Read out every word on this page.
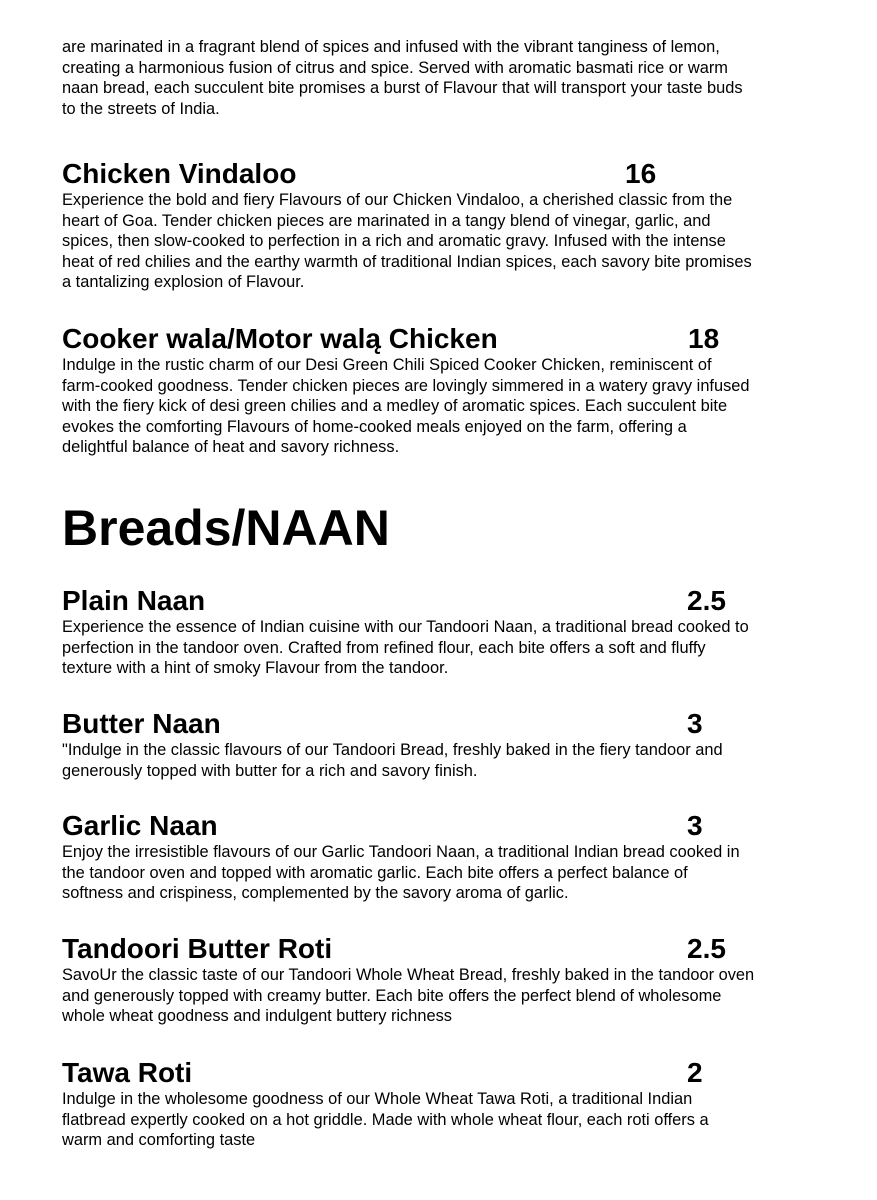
are marinated in a fragrant blend of spices and infused with the vibrant tanginess of lemon,
creating a harmonious fusion of citrus and spice. Served with aromatic basmati rice or warm
naan bread, each succulent bite promises a burst of Flavour that will transport your taste buds
to the streets of India.

Chicken Vindaloo	16

Experience the bold and fiery Flavours of our Chicken Vindaloo, a cherished classic from the
heart of Goa. Tender chicken pieces are marinated in a tangy blend of vinegar, garlic, and
spices, then slow-cooked to perfection in a rich and aromatic gravy. Infused with the intense
heat of red chilies and the earthy warmth of traditional Indian spices, each savory bite promises
a tantalizing explosion of Flavour.

Cooker wala/Motor walą Chicken	18

Indulge in the rustic charm of our Desi Green Chili Spiced Cooker Chicken, reminiscent of
farm-cooked goodness. Tender chicken pieces are lovingly simmered in a watery gravy infused
with the fiery kick of desi green chilies and a medley of aromatic spices. Each succulent bite
evokes the comforting Flavours of home-cooked meals enjoyed on the farm, offering a
delightful balance of heat and savory richness.

Breads/NAAN
Plain Naan	2.5

Experience the essence of Indian cuisine with our Tandoori Naan, a traditional bread cooked to
perfection in the tandoor oven. Crafted from refined flour, each bite offers a soft and fluffy
texture with a hint of smoky Flavour from the tandoor.

Butter Naan	3

"Indulge in the classic flavours of our Tandoori Bread, freshly baked in the fiery tandoor and
generously topped with butter for a rich and savory finish.

Garlic Naan	3

Enjoy the irresistible flavours of our Garlic Tandoori Naan, a traditional Indian bread cooked in
the tandoor oven and topped with aromatic garlic. Each bite offers a perfect balance of
softness and crispiness, complemented by the savory aroma of garlic.

Tandoori Butter Roti	2.5

SavoUr the classic taste of our Tandoori Whole Wheat Bread, freshly baked in the tandoor oven
and generously topped with creamy butter. Each bite offers the perfect blend of wholesome
whole wheat goodness and indulgent buttery richness

Tawa Roti	2

Indulge in the wholesome goodness of our Whole Wheat Tawa Roti, a traditional Indian
flatbread expertly cooked on a hot griddle. Made with whole wheat flour, each roti offers a
warm and comforting taste
